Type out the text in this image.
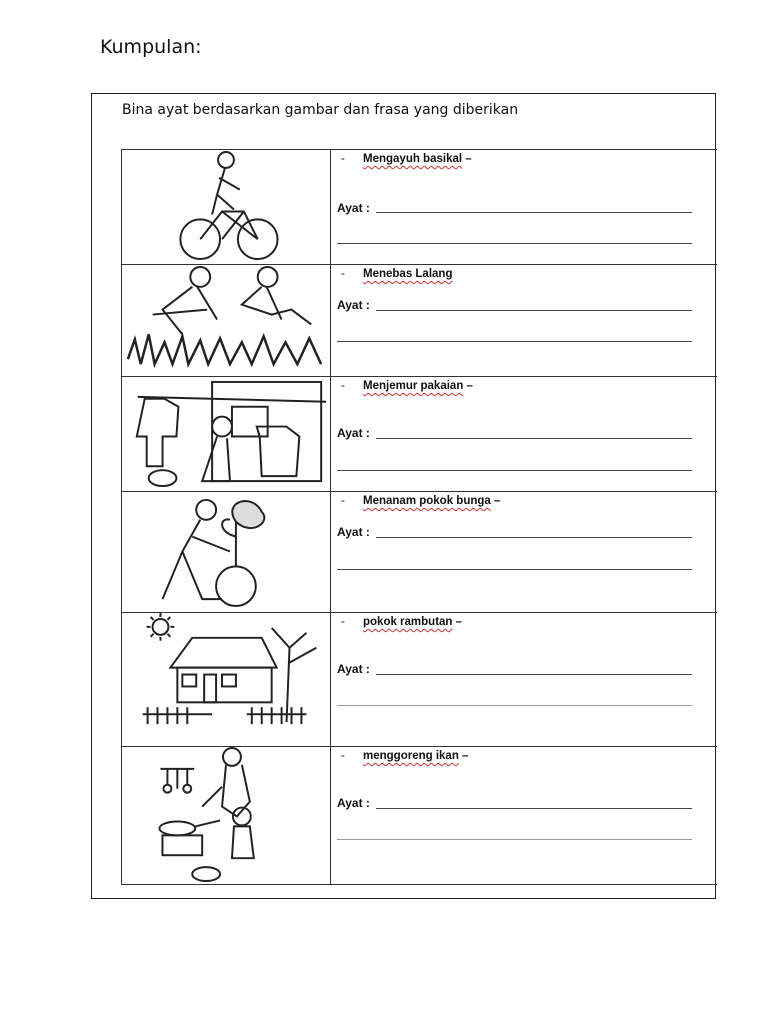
Kumpulan:
Bina ayat berdasarkan gambar dan frasa yang diberikan
- Mengayuh basikal –
Ayat :
- Menebas Lalang
Ayat :
- Menjemur pakaian –
Ayat :
- Menanam pokok bunga –
Ayat :
- pokok rambutan –
Ayat :
- menggoreng ikan –
Ayat :
